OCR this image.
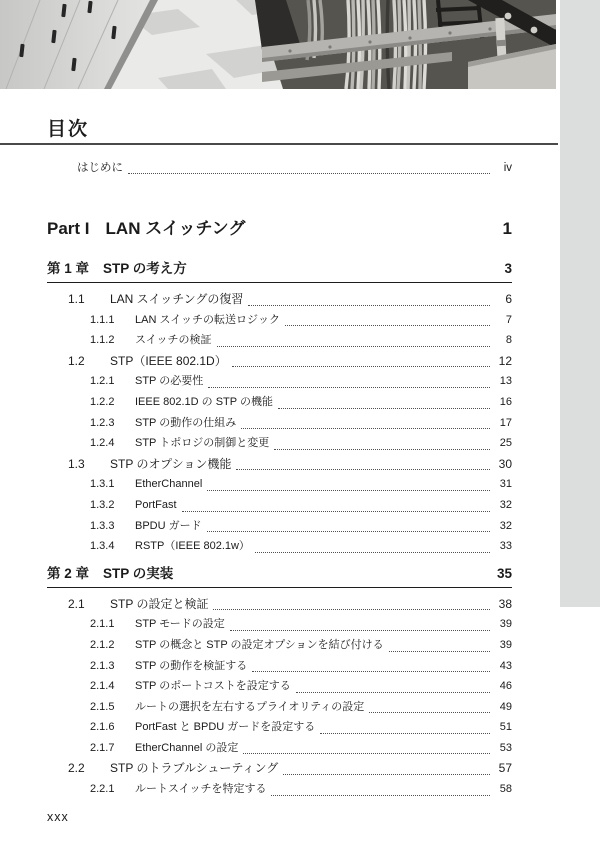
目次
はじめに	iv
Part I LAN スイッチング	1
第 1 章 STP の考え方	3
1.1	LAN スイッチングの復習	6
1.1.1	LAN スイッチの転送ロジック	7
1.1.2	スイッチの検証	8
1.2	STP（IEEE 802.1D）	12
1.2.1	STP の必要性	13
1.2.2	IEEE 802.1D の STP の機能	16
1.2.3	STP の動作の仕組み	17
1.2.4	STP トポロジの制御と変更	25
1.3	STP のオプション機能	30
1.3.1	EtherChannel	31
1.3.2	PortFast	32
1.3.3	BPDU ガード	32
1.3.4	RSTP（IEEE 802.1w）	33
第 2 章 STP の実装	35
2.1	STP の設定と検証	38
2.1.1	STP モードの設定	39
2.1.2	STP の概念と STP の設定オプションを結び付ける	39
2.1.3	STP の動作を検証する	43
2.1.4	STP のポートコストを設定する	46
2.1.5	ルートの選択を左右するプライオリティの設定	49
2.1.6	PortFast と BPDU ガードを設定する	51
2.1.7	EtherChannel の設定	53
2.2	STP のトラブルシューティング	57
2.2.1	ルートスイッチを特定する	58
xxx
